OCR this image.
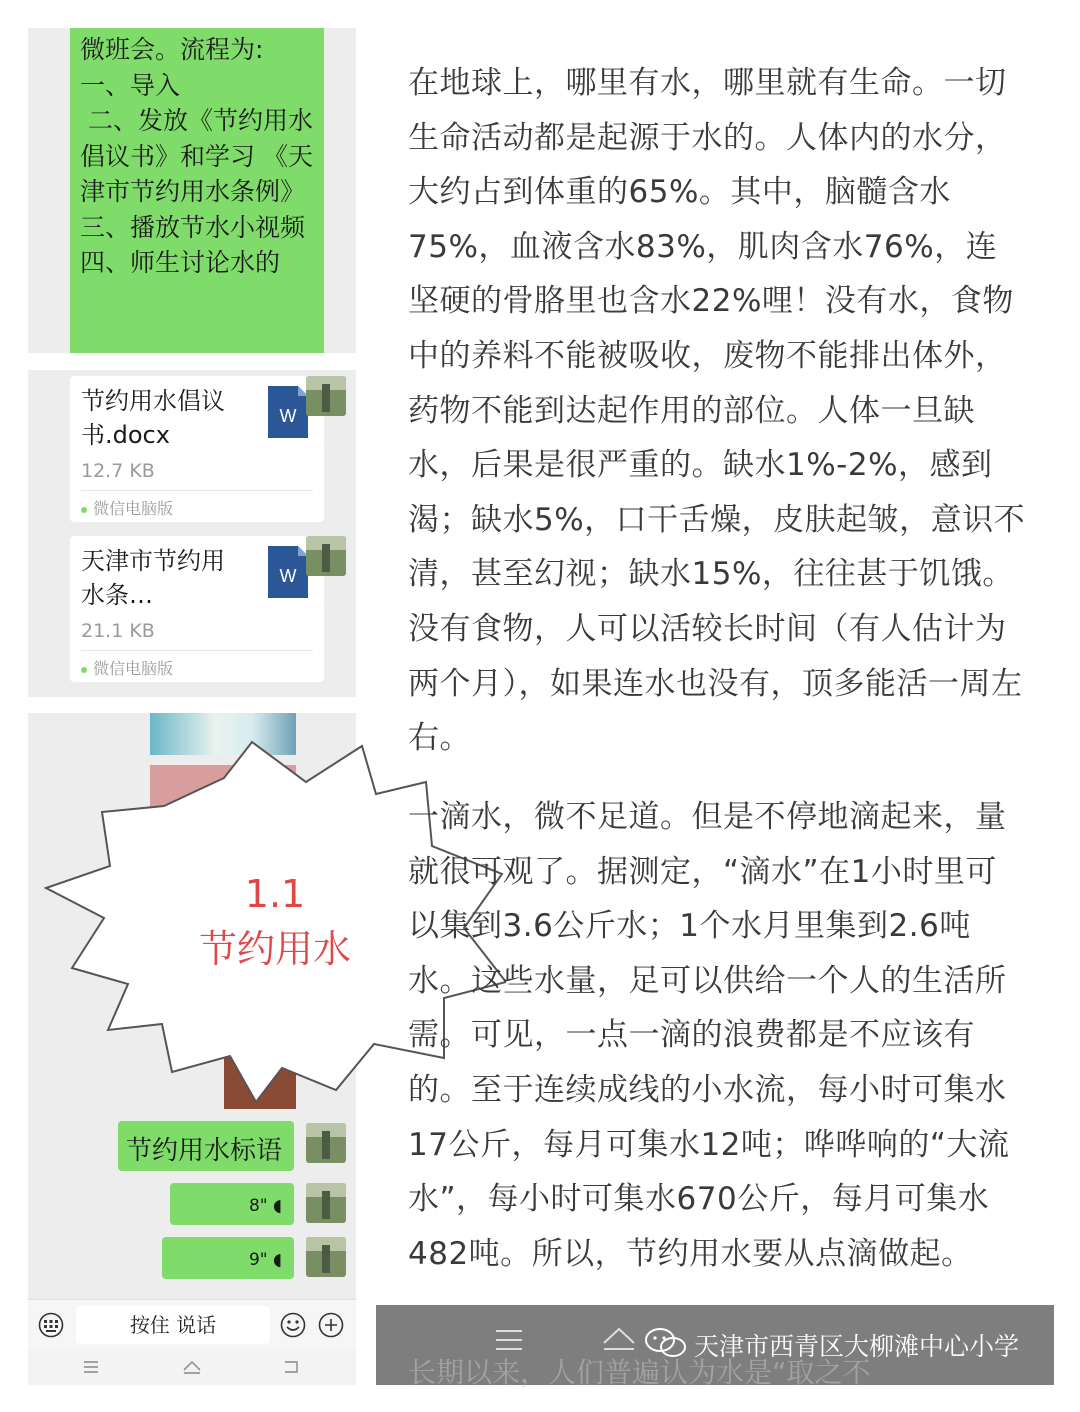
微班会。流程为:
一、导入
二、发放《节约用水倡议书》和学习 《天津市节约用水条例》
三、播放节水小视频
四、师生讨论水的
节约用水倡议书.docx
12.7 KB
微信电脑版
W
天津市节约用水条…
21.1 KB
微信电脑版
W
节约用水标语
8" ◖
9" ◖
按住 说话
1.1
节约用水

在地球上，哪里有水，哪里就有生命。一切生命活动都是起源于水的。人体内的水分，大约占到体重的65%。其中，脑髓含水75%，血液含水83%，肌肉含水76%，连坚硬的骨胳里也含水22%哩！没有水，食物中的养料不能被吸收，废物不能排出体外，药物不能到达起作用的部位。人体一旦缺水，后果是很严重的。缺水1%-2%，感到渴；缺水5%，口干舌燥，皮肤起皱，意识不清，甚至幻视；缺水15%，往往甚于饥饿。没有食物，人可以活较长时间（有人估计为两个月），如果连水也没有，顶多能活一周左右。

一滴水，微不足道。但是不停地滴起来，量就很可观了。据测定，“滴水”在1小时里可以集到3.6公斤水；1个水月里集到2.6吨水。这些水量，足可以供给一个人的生活所需。可见，一点一滴的浪费都是不应该有的。至于连续成线的小水流，每小时可集水17公斤，每月可集水12吨；哗哗响的“大流水”，每小时可集水670公斤，每月可集水482吨。所以，节约用水要从点滴做起。

长期以来，人们普遍认为水是“取之不
天津市西青区大柳滩中心小学
